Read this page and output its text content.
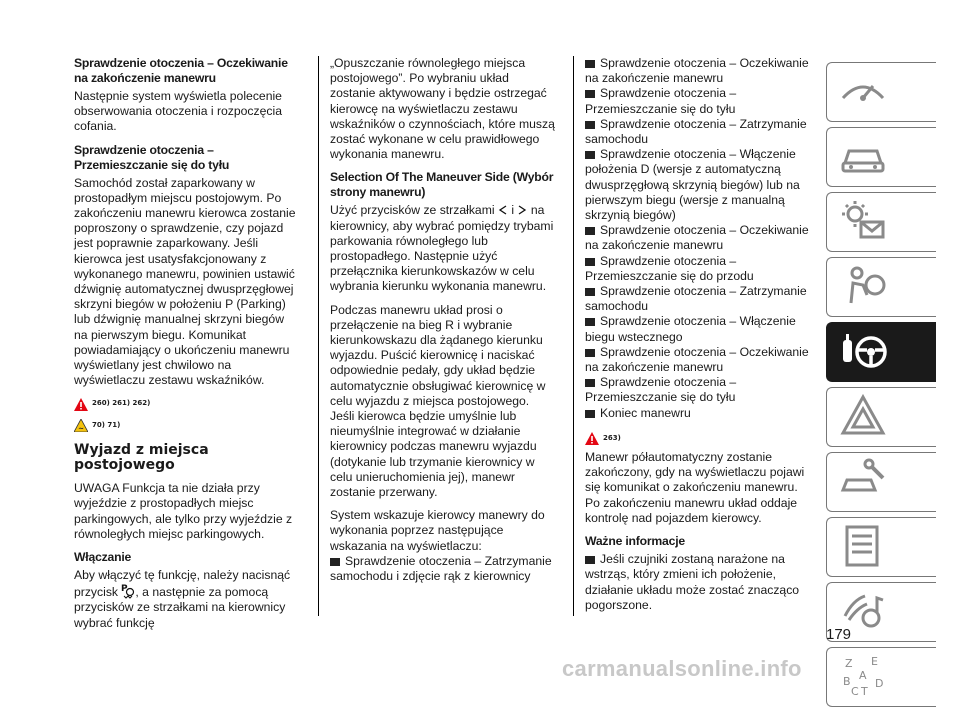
Sprawdzenie otoczenia – Oczekiwanie na zakończenie manewru

Następnie system wyświetla polecenie obserwowania otoczenia i rozpoczęcia cofania.

Sprawdzenie otoczenia – Przemieszczanie się do tyłu

Samochód został zaparkowany w prostopadłym miejscu postojowym. Po zakończeniu manewru kierowca zostanie poproszony o sprawdzenie, czy pojazd jest poprawnie zaparkowany. Jeśli kierowca jest usatysfakcjonowany z wykonanego manewru, powinien ustawić dźwignię automatycznej dwusprzęgłowej skrzyni biegów w położeniu P (Parking) lub dźwignię manualnej skrzyni biegów na pierwszym biegu. Komunikat powiadamiający o ukończeniu manewru wyświetlany jest chwilowo na wyświetlaczu zestawu wskaźników.

260) 261) 262)
~ 70) 71)
Wyjazd z miejsca postojowego

UWAGA Funkcja ta nie działa przy wyjeździe z prostopadłych miejsc parkingowych, ale tylko przy wyjeździe z równoległych miejsc parkingowych.

Włączanie

Aby włączyć tę funkcję, należy nacisnąć przycisk P , a następnie za pomocą przycisków ze strzałkami na kierownicy wybrać funkcję

„Opuszczanie równoległego miejsca postojowego”. Po wybraniu układ zostanie aktywowany i będzie ostrzegać kierowcę na wyświetlaczu zestawu wskaźników o czynnościach, które muszą zostać wykonane w celu prawidłowego wykonania manewru.

Selection Of The Maneuver Side (Wybór strony manewru)

Użyć przycisków ze strzałkami i na kierownicy, aby wybrać pomiędzy trybami parkowania równoległego lub prostopadłego. Następnie użyć przełącznika kierunkowskazów w celu wybrania kierunku wykonania manewru.

Podczas manewru układ prosi o przełączenie na bieg R i wybranie kierunkowskazu dla żądanego kierunku wyjazdu. Puścić kierownicę i naciskać odpowiednie pedały, gdy układ będzie automatycznie obsługiwać kierownicę w celu wyjazdu z miejsca postojowego. Jeśli kierowca będzie umyślnie lub nieumyślnie integrować w działanie kierownicy podczas manewru wyjazdu (dotykanie lub trzymanie kierownicy w celu unieruchomienia jej), manewr zostanie przerwany.

System wskazuje kierowcy manewry do wykonania poprzez następujące wskazania na wyświetlaczu:

Sprawdzenie otoczenia – Zatrzymanie samochodu i zdjęcie rąk z kierownicy
Sprawdzenie otoczenia – Oczekiwanie na zakończenie manewru
Sprawdzenie otoczenia – Przemieszczanie się do tyłu
Sprawdzenie otoczenia – Zatrzymanie samochodu
Sprawdzenie otoczenia – Włączenie położenia D (wersje z automatyczną dwusprzęgłową skrzynią biegów) lub na pierwszym biegu (wersje z manualną skrzynią biegów)
Sprawdzenie otoczenia – Oczekiwanie na zakończenie manewru
Sprawdzenie otoczenia – Przemieszczanie się do przodu
Sprawdzenie otoczenia – Zatrzymanie samochodu
Sprawdzenie otoczenia – Włączenie biegu wstecznego
Sprawdzenie otoczenia – Oczekiwanie na zakończenie manewru
Sprawdzenie otoczenia – Przemieszczanie się do tyłu
Koniec manewru
263)

Manewr półautomatyczny zostanie zakończony, gdy na wyświetlaczu pojawi się komunikat o zakończeniu manewru. Po zakończeniu manewru układ oddaje kontrolę nad pojazdem kierowcy.

Ważne informacje
Jeśli czujniki zostaną narażone na wstrząs, który zmieni ich położenie, działanie układu może zostać znacząco pogorszone.
Z E
B A
C T
D
179
carmanualsonline.info
